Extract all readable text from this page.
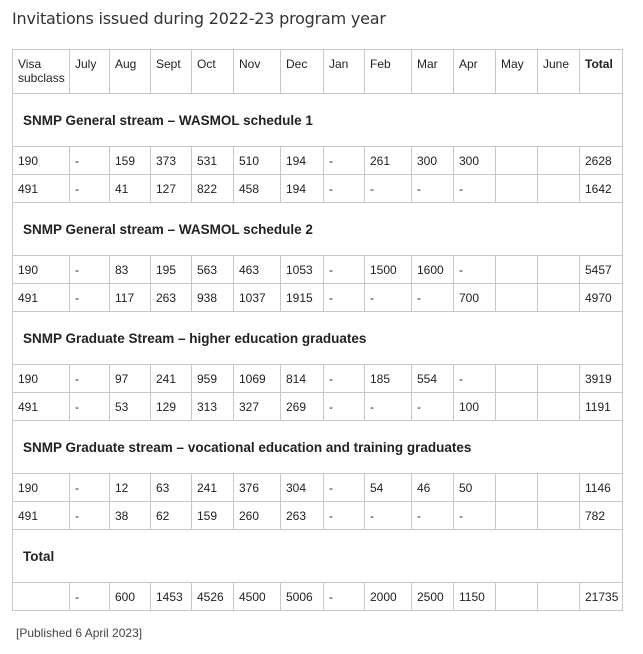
Invitations issued during 2022-23 program year
Visa subclass	July	Aug	Sept	Oct	Nov	Dec	Jan	Feb	Mar	Apr	May	June	Total
SNMP General stream – WASMOL schedule 1													
190	-	159	373	531	510	194	-	261	300	300			2628
491	-	41	127	822	458	194	-	-	-	-			1642
SNMP General stream – WASMOL schedule 2													
190	-	83	195	563	463	1053	-	1500	1600	-			5457
491	-	117	263	938	1037	1915	-	-	-	700			4970
SNMP Graduate Stream – higher education graduates													
190	-	97	241	959	1069	814	-	185	554	-			3919
491	-	53	129	313	327	269	-	-	-	100			1191
SNMP Graduate stream – vocational education and training graduates													
190	-	12	63	241	376	304	-	54	46	50			1146
491	-	38	62	159	260	263	-	-	-	-			782
Total													
	-	600	1453	4526	4500	5006	-	2000	2500	1150			21735

[Published 6 April 2023]
